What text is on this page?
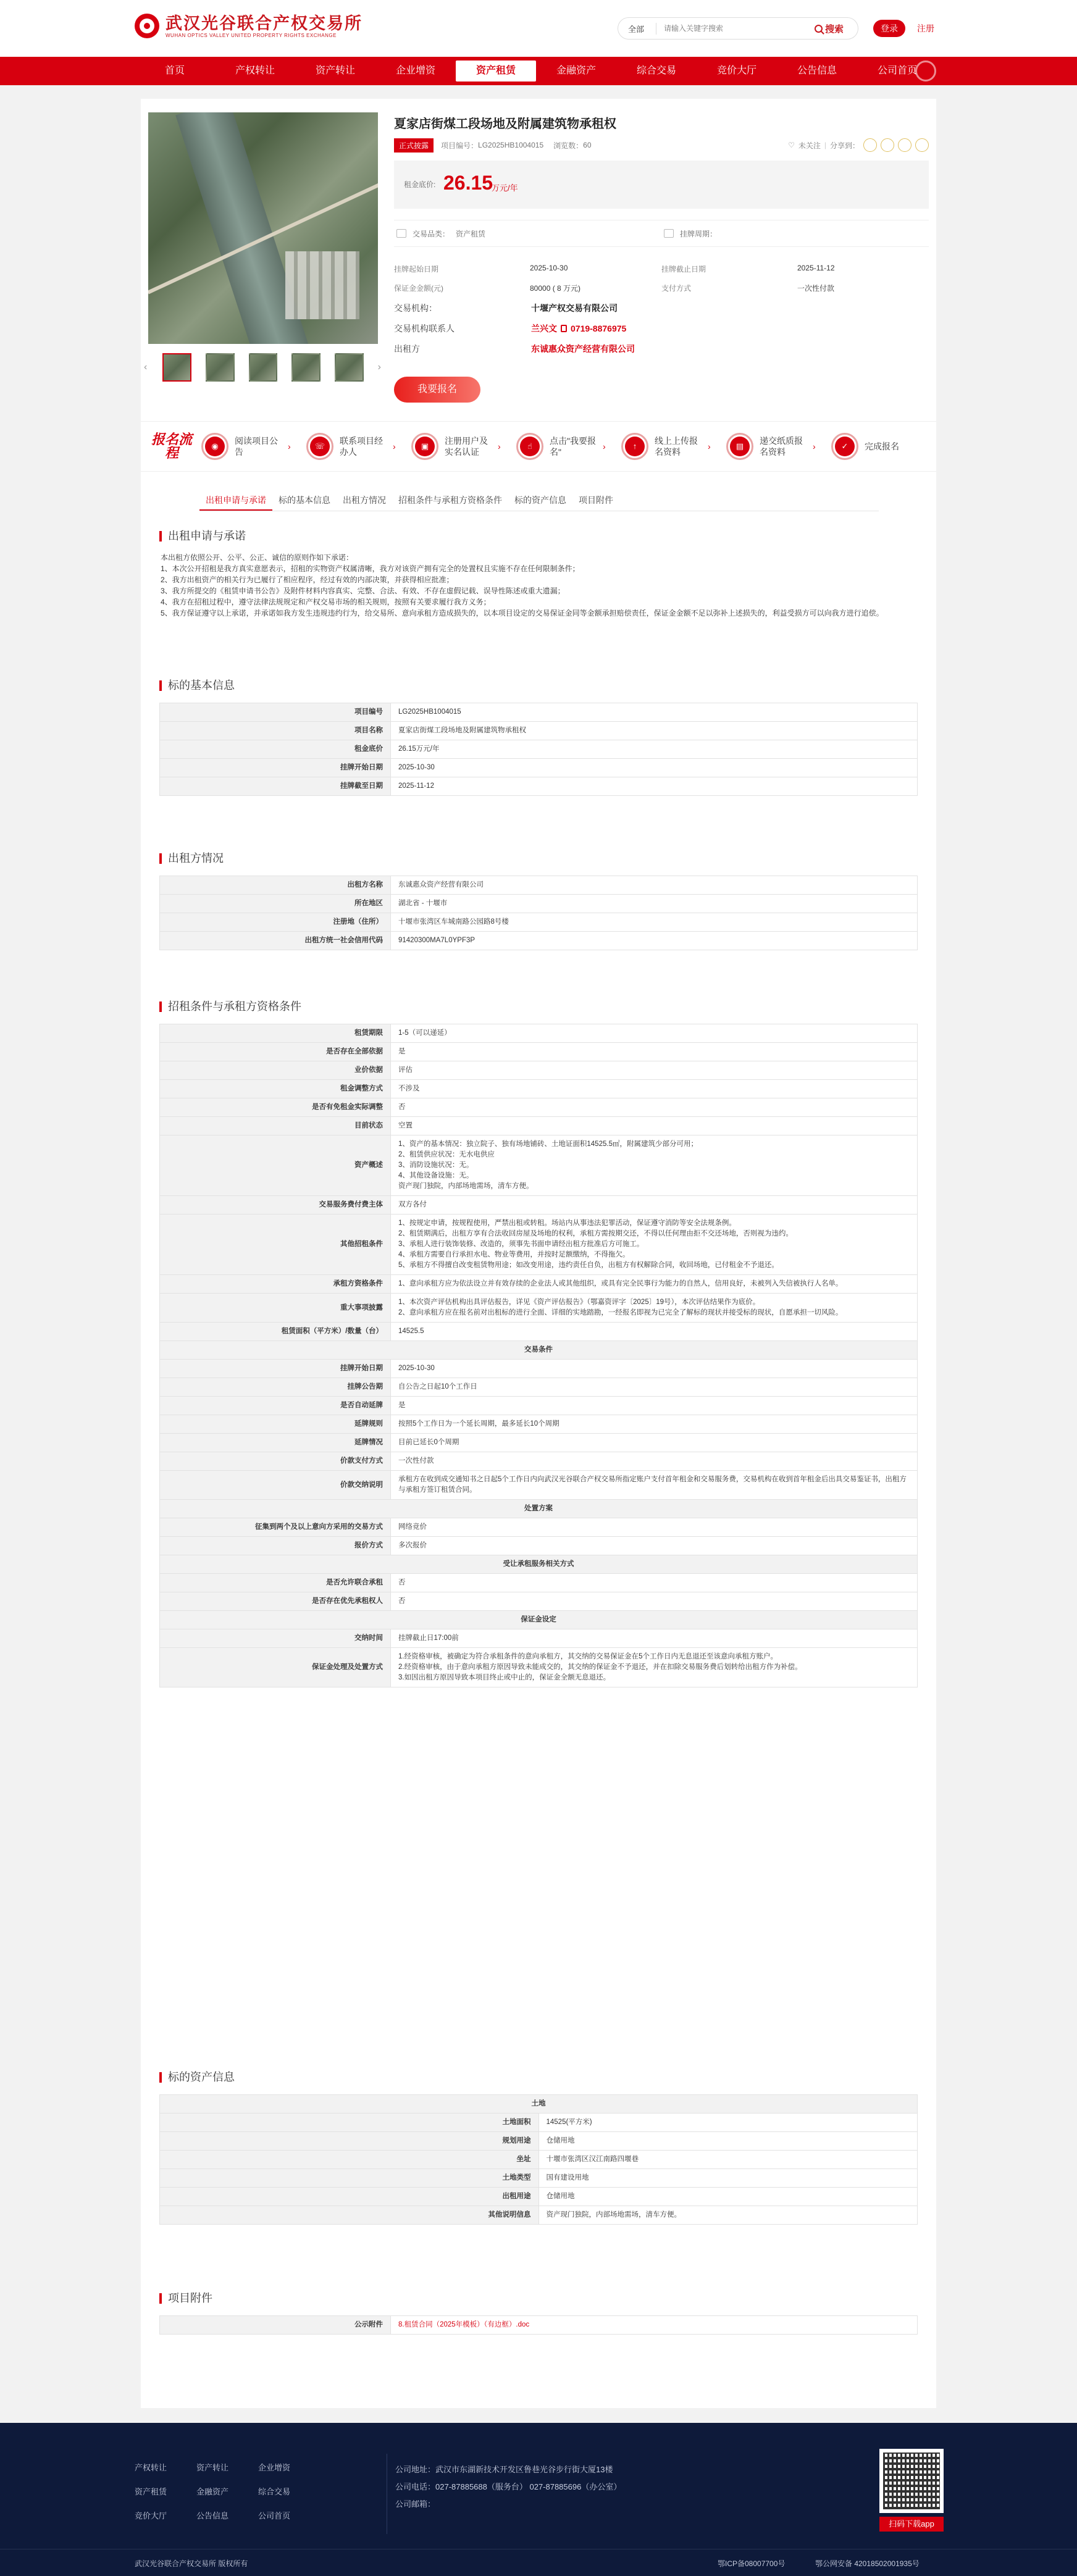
武汉光谷联合产权交易所
WUHAN OPTICS VALLEY UNITED PROPERTY RIGHTS EXCHANGE
全部
请输入关键字搜索	搜索	登录	注册
首页	产权转让	资产转让	企业增资	资产租赁	金融资产	综合交易	竞价大厅	公告信息	公司首页
‹	›
夏家店街煤工段场地及附属建筑物承租权
正式披露	项目编号： LG2025HB1004015 浏览数： 60	♡ 未关注 | 分享到：
租金底价: 26.15
万元/年
交易品类： 资产租赁	挂牌周期：
挂牌起始日期	2025-10-30	挂牌截止日期	2025-11-12
保证金金额(元)	80000 ( 8 万元)	支付方式	一次性付款
交易机构：	十堰产权交易有限公司
交易机构联系人	兰兴文 0719-8876975
出租方	东诚惠众资产经营有限公司
我要报名
报名流程	◉
阅读项目公告
›	☏
联系项目经办人
›	▣
注册用户及实名认证
›	☝
点击"我要报名"
›	↑
线上上传报名资料
›	▤
递交纸质报名资料
›	✓	完成报名
出租申请与承诺	标的基本信息	出租方情况	招租条件与承租方资格条件	标的资产信息	项目附件
出租申请与承诺
本出租方依照公开、公平、公正、诚信的原则作如下承诺：
1、本次公开招租是我方真实意愿表示，招租的实物资产权属清晰，我方对该资产拥有完全的处置权且实施不存在任何限制条件；
2、我方出租资产的相关行为已履行了相应程序，经过有效的内部决策，并获得相应批准；
3、我方所提交的《租赁申请书公告》及附件材料内容真实、完整、合法、有效、不存在虚假记载、误导性陈述或重大遗漏；
4、我方在招租过程中，遵守法律法规规定和产权交易市场的相关规则，按照有关要求履行我方义务；
5、我方保证遵守以上承诺，并承诺如我方发生违规违约行为，给交易所、意向承租方造成损失的，以本项目设定的交易保证金同等金额承担赔偿责任，保证金金额不足以弥补上述损失的，利益受损方可以向我方进行追偿。
标的基本信息
项目编号	LG2025HB1004015
项目名称	夏家店街煤工段场地及附属建筑物承租权
租金底价	26.15万元/年
挂牌开始日期	2025-10-30
挂牌截至日期	2025-11-12
出租方情况
出租方名称	东诚惠众资产经营有限公司
所在地区	湖北省 - 十堰市
注册地（住所）	十堰市张湾区车城南路公园路8号楼
出租方统一社会信用代码	91420300MA7L0YPF3P
招租条件与承租方资格条件
租赁期限	1-5（可以递延）
是否存在全部依据	是
业价依据	评估
租金调整方式	不涉及
是否有免租金实际调整	否
目前状态	空置
资产概述	1、资产的基本情况：独立院子、独有场地铺砖、土地证面积14525.5㎡，附属建筑少部分可用；
2、租赁供应状况：无水电供应
3、消防设施状况：无。
4、其他设备设施：无。
资产现门独院，内部场地需场，清车方便。

交易服务费付费主体	双方各付
其他招租条件	1、按规定申请，按规程使用，严禁出租或转租。场站内从事违法犯罪活动，保证遵守消防等安全法规条例。
2、租赁期满后，出租方享有合法收回房屋及场地的权利，承租方需按期交还，不得以任何理由拒不交还场地，否则视为违约。
3、承租人进行装饰装修、改造的，须事先书面申请经出租方批准后方可施工。
4、承租方需要自行承担水电、物业等费用，并按时足额缴纳，不得拖欠。
5、承租方不得擅自改变租赁物用途；如改变用途，违约责任自负，出租方有权解除合同，收回场地，已付租金不予退还。

承租方资格条件	1、意向承租方应为依法设立并有效存续的企业法人或其他组织，或具有完全民事行为能力的自然人，信用良好，未被列入失信被执行人名单。
重大事项披露	1、本次资产评估机构出具评估报告，详见《资产评估报告》（鄂嘉资评字〔2025〕19号），本次评估结果作为底价。
2、意向承租方应在报名前对出租标的进行全面、详细的实地踏勘，一经报名即视为已完全了解标的现状并接受标的现状，自愿承担一切风险。

租赁面积（平方米）/数量（台）	14525.5
交易条件	
挂牌开始日期	2025-10-30
挂牌公告期	自公告之日起10个工作日
是否自动延牌	是
延牌规则	按照5个工作日为一个延长周期，最多延长10个周期
延牌情况	目前已延长0个周期
价款支付方式	一次性付款
价款交纳说明	承租方在收到成交通知书之日起5个工作日内向武汉光谷联合产权交易所指定账户支付首年租金和交易服务费，交易机构在收到首年租金后出具交易鉴证书，出租方与承租方签订租赁合同。
处置方案	
征集到两个及以上意向方采用的交易方式	网络竞价
报价方式	多次报价
受让承租服务相关方式	
是否允许联合承租	否
是否存在优先承租权人	否
保证金设定	
交纳时间	挂牌截止日17:00前
保证金处理及处置方式	1.经资格审核，被确定为符合承租条件的意向承租方，其交纳的交易保证金在5个工作日内无息退还至该意向承租方账户。
2.经资格审核，由于意向承租方原因导致未能成交的，其交纳的保证金不予退还，并在扣除交易服务费后划转给出租方作为补偿。
3.如因出租方原因导致本项目终止或中止的，保证金全额无息退还。
标的资产信息
土地	
土地面积	14525(平方米)
规划用途	仓储用地
坐址	十堰市张湾区汉江南路四堰巷
土地类型	国有建设用地
出租用途	仓储用地
其他说明信息	资产现门独院，内部场地需场，清车方便。
项目附件
公示附件	8.租赁合同（2025年模板）（有边框）.doc
产权转让	资产转让	企业增资
资产租赁	金融资产	综合交易
竞价大厅	公告信息	公司首页
公司地址：武汉市东湖新技术开发区鲁巷光谷步行街大厦13楼
公司电话：027-87885688（服务台） 027-87885696（办公室）
公司邮箱：
扫码下载app
武汉光谷联合产权交易所 版权所有	鄂ICP备08007700号	鄂公网安备 42018502001935号
